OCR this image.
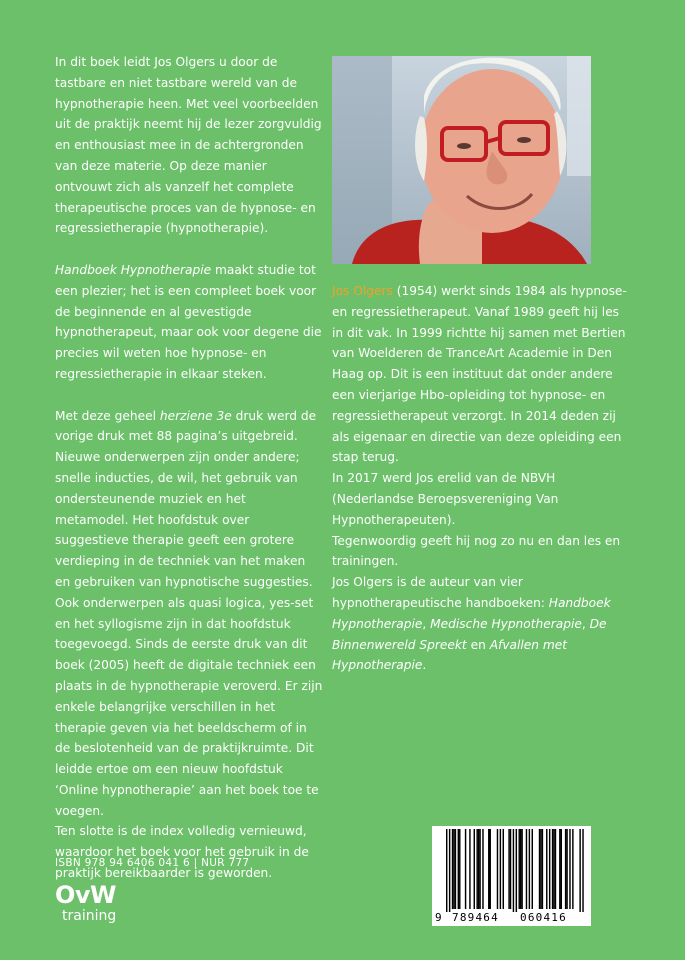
In dit boek leidt Jos Olgers u door de tastbare en niet tastbare wereld van de hypnotherapie heen. Met veel voorbeelden uit de praktijk neemt hij de lezer zorgvuldig en enthousiast mee in de achtergronden van deze materie. Op deze manier ontvouwt zich als vanzelf het complete therapeutische proces van de hypnose- en regressietherapie (hypnotherapie).

Handboek Hypnotherapie maakt studie tot een plezier; het is een compleet boek voor de beginnende en al gevestigde hypnotherapeut, maar ook voor degene die precies wil weten hoe hypnose- en regressietherapie in elkaar steken.

Met deze geheel herziene 3e druk werd de vorige druk met 88 pagina’s uitgebreid. Nieuwe onderwerpen zijn onder andere; snelle inducties, de wil, het gebruik van ondersteunende muziek en het metamodel. Het hoofdstuk over suggestieve therapie geeft een grotere verdieping in de techniek van het maken en gebruiken van hypnotische suggesties. Ook onderwerpen als quasi logica, yes-set en het syllogisme zijn in dat hoofdstuk toegevoegd. Sinds de eerste druk van dit boek (2005) heeft de digitale techniek een plaats in de hypnotherapie veroverd. Er zijn enkele belangrijke verschillen in het therapie geven via het beeldscherm of in de beslotenheid van de praktijkruimte. Dit leidde ertoe om een nieuw hoofdstuk ‘Online hypnotherapie’ aan het boek toe te voegen.

Ten slotte is de index volledig vernieuwd, waardoor het boek voor het gebruik in de praktijk bereikbaarder is geworden.

Jos Olgers (1954) werkt sinds 1984 als hypnose- en regressietherapeut. Vanaf 1989 geeft hij les in dit vak. In 1999 richtte hij samen met Bertien van Woelderen de TranceArt Academie in Den Haag op. Dit is een instituut dat onder andere een vierjarige Hbo-opleiding tot hypnose- en regressietherapeut verzorgt. In 2014 deden zij als eigenaar en directie van deze opleiding een stap terug.

In 2017 werd Jos erelid van de NBVH (Nederlandse Beroepsvereniging Van Hypnotherapeuten).

Tegenwoordig geeft hij nog zo nu en dan les en trainingen.

Jos Olgers is de auteur van vier hypnotherapeutische handboeken: Handboek Hypnotherapie, Medische Hypnotherapie, De Binnenwereld Spreekt en Afvallen met Hypnotherapie.

ISBN 978 94 6406 041 6 | NUR 777
OvW
training	9 789464 060416
